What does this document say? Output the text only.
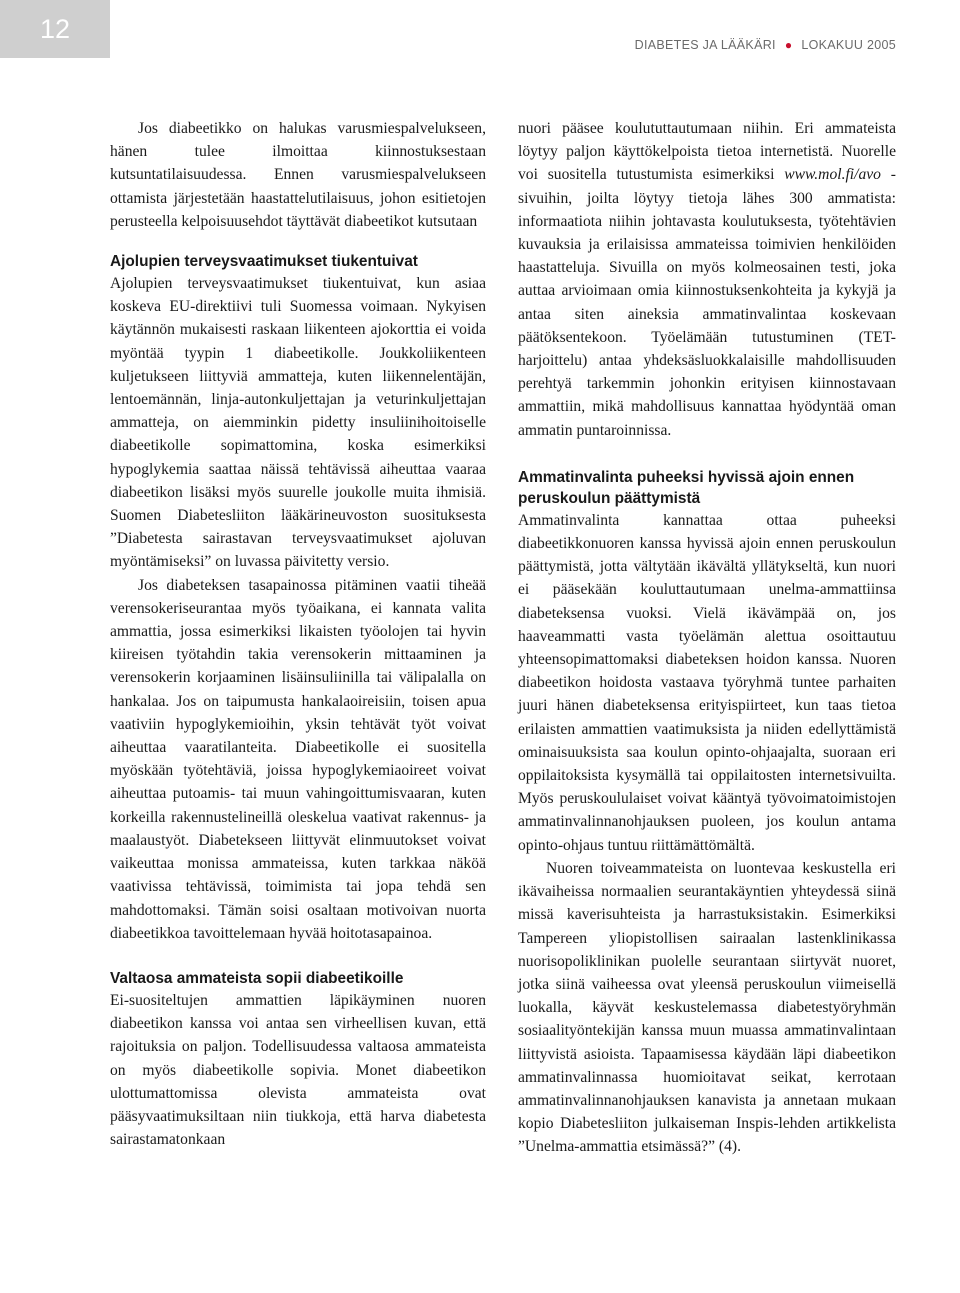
12
DIABETES JA LÄÄKÄRI ● LOKAKUU 2005

Jos diabeetikko on halukas varusmiespalvelukseen, hänen tulee ilmoittaa kiinnostuksestaan kutsuntatilaisuudessa. Ennen varusmiespalvelukseen ottamista järjestetään haastattelutilaisuus, johon esitietojen perusteella kelpoisuusehdot täyttävät diabeetikot kutsutaan

Ajolupien terveysvaatimukset tiukentuivat

Ajolupien terveysvaatimukset tiukentuivat, kun asiaa koskeva EU-direktiivi tuli Suomessa voimaan. Nykyisen käytännön mukaisesti raskaan liikenteen ajokorttia ei voida myöntää tyypin 1 diabeetikolle. Joukkoliikenteen kuljetukseen liittyviä ammatteja, kuten liikennelentäjän, lentoemännän, linja-autonkuljettajan ja veturinkuljettajan ammatteja, on aiemminkin pidetty insuliinihoitoiselle diabeetikolle sopimattomina, koska esimerkiksi hypoglykemia saattaa näissä tehtävissä aiheuttaa vaaraa diabeetikon lisäksi myös suurelle joukolle muita ihmisiä. Suomen Diabetesliiton lääkärineuvoston suosituksesta ”Diabetesta sairastavan terveysvaatimukset ajoluvan myöntämiseksi” on luvassa päivitetty versio.

Jos diabeteksen tasapainossa pitäminen vaatii tiheää verensokeriseurantaa myös työaikana, ei kannata valita ammattia, jossa esimerkiksi likaisten työolojen tai hyvin kiireisen työtahdin takia verensokerin mittaaminen ja verensokerin korjaaminen lisäinsuliinilla tai välipalalla on hankalaa. Jos on taipumusta hankalaoireisiin, toisen apua vaativiin hypoglykemioihin, yksin tehtävät työt voivat aiheuttaa vaaratilanteita. Diabeetikolle ei suositella myöskään työtehtäviä, joissa hypoglykemiaoireet voivat aiheuttaa putoamis- tai muun vahingoittumisvaaran, kuten korkeilla rakennustelineillä oleskelua vaativat rakennus- ja maalaustyöt. Diabetekseen liittyvät elinmuutokset voivat vaikeuttaa monissa ammateissa, kuten tarkkaa näköä vaativissa tehtävissä, toimimista tai jopa tehdä sen mahdottomaksi. Tämän soisi osaltaan motivoivan nuorta diabeetikkoa tavoittelemaan hyvää hoitotasapainoa.

Valtaosa ammateista sopii diabeetikoille

Ei-suositeltujen ammattien läpikäyminen nuoren diabeetikon kanssa voi antaa sen virheellisen kuvan, että rajoituksia on paljon. Todellisuudessa valtaosa ammateista on myös diabeetikolle sopivia. Monet diabeetikon ulottumattomissa olevista ammateista ovat pääsyvaatimuksiltaan niin tiukkoja, että harva diabetesta sairastamatonkaan

nuori pääsee koulututtautumaan niihin. Eri ammateista löytyy paljon käyttökelpoista tietoa internetistä. Nuorelle voi suositella tutustumista esimerkiksi www.mol.fi/avo -sivuihin, joilta löytyy tietoja lähes 300 ammatista: informaatiota niihin johtavasta koulutuksesta, työtehtävien kuvauksia ja erilaisissa ammateissa toimivien henkilöiden haastatteluja. Sivuilla on myös kolmeosainen testi, joka auttaa arvioimaan omia kiinnostuksenkohteita ja kykyjä ja antaa siten aineksia ammatinvalintaa koskevaan päätöksentekoon. Työelämään tutustuminen (TET-harjoittelu) antaa yhdeksäsluokkalaisille mahdollisuuden perehtyä tarkemmin johonkin erityisen kiinnostavaan ammattiin, mikä mahdollisuus kannattaa hyödyntää oman ammatin puntaroinnissa.

Ammatinvalinta puheeksi hyvissä ajoin ennen peruskoulun päättymistä

Ammatinvalinta kannattaa ottaa puheeksi diabeetikkonuoren kanssa hyvissä ajoin ennen peruskoulun päättymistä, jotta vältytään ikävältä yllätykseltä, kun nuori ei pääsekään kouluttautumaan unelma-ammattiinsa diabeteksensa vuoksi. Vielä ikävämpää on, jos haaveammatti vasta työelämän alettua osoittautuu yhteensopimattomaksi diabeteksen hoidon kanssa. Nuoren diabeetikon hoidosta vastaava työryhmä tuntee parhaiten juuri hänen diabeteksensa erityispiirteet, kun taas tietoa erilaisten ammattien vaatimuksista ja niiden edellyttämistä ominaisuuksista saa koulun opinto-ohjaajalta, suoraan eri oppilaitoksista kysymällä tai oppilaitosten internetsivuilta. Myös peruskoululaiset voivat kääntyä työvoimatoimistojen ammatinvalinnanohjauksen puoleen, jos koulun antama opinto-ohjaus tuntuu riittämättömältä.

Nuoren toiveammateista on luontevaa keskustella eri ikävaiheissa normaalien seurantakäyntien yhteydessä siinä missä kaverisuhteista ja harrastuksistakin. Esimerkiksi Tampereen yliopistollisen sairaalan lastenklinikassa nuorisopoliklinikan puolelle seurantaan siirtyvät nuoret, jotka siinä vaiheessa ovat yleensä peruskoulun viimeisellä luokalla, käyvät keskustelemassa diabetestyöryhmän sosiaalityöntekijän kanssa muun muassa ammatinvalintaan liittyvistä asioista. Tapaamisessa käydään läpi diabeetikon ammatinvalinnassa huomioitavat seikat, kerrotaan ammatinvalinnanohjauksen kanavista ja annetaan mukaan kopio Diabetesliiton julkaiseman Inspis-lehden artikkelista ”Unelma-ammattia etsimässä?” (4).
